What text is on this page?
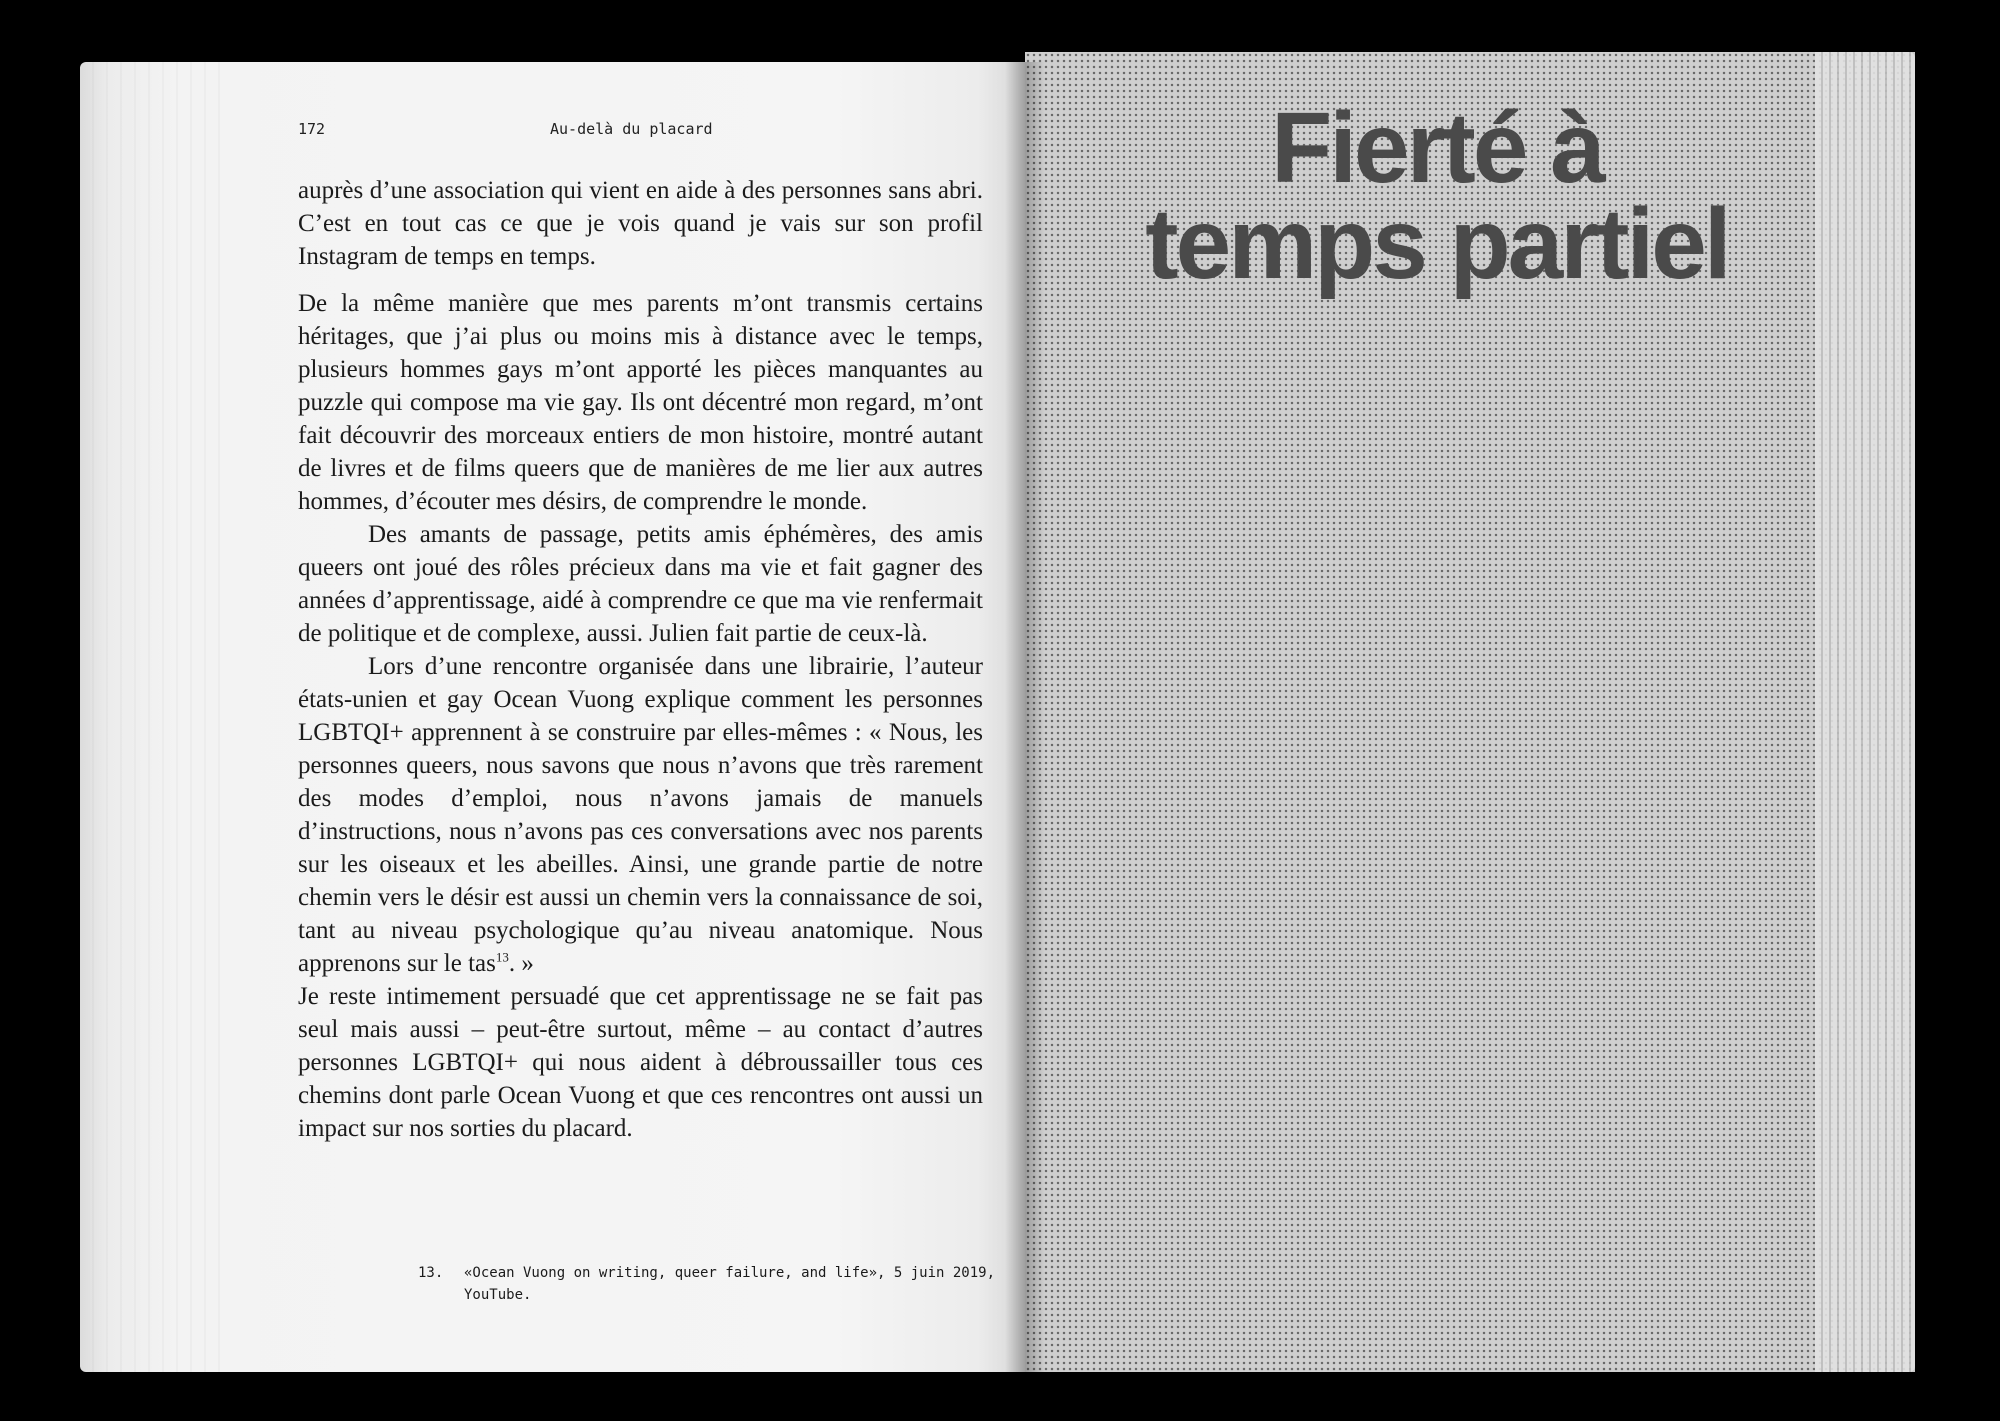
172	Au-delà du placard

auprès d’une association qui vient en aide à des personnes sans abri. C’est en tout cas ce que je vois quand je vais sur son profil Instagram de temps en temps.

De la même manière que mes parents m’ont transmis certains héritages, que j’ai plus ou moins mis à distance avec le temps, plusieurs hommes gays m’ont apporté les pièces manquantes au puzzle qui compose ma vie gay. Ils ont décentré mon regard, m’ont fait découvrir des morceaux entiers de mon histoire, montré autant de livres et de films queers que de manières de me lier aux autres hommes, d’écouter mes désirs, de comprendre le monde.

Des amants de passage, petits amis éphémères, des amis queers ont joué des rôles précieux dans ma vie et fait gagner des années d’apprentissage, aidé à comprendre ce que ma vie renfermait de politique et de complexe, aussi. Julien fait partie de ceux-là.

Lors d’une rencontre organisée dans une librairie, l’auteur états-unien et gay Ocean Vuong explique comment les personnes LGBTQI+ apprennent à se construire par elles-mêmes : « Nous, les personnes queers, nous savons que nous n’avons que très rarement des modes d’emploi, nous n’avons jamais de manuels d’instructions, nous n’avons pas ces conversations avec nos parents sur les oiseaux et les abeilles. Ainsi, une grande partie de notre chemin vers le désir est aussi un chemin vers la connaissance de soi, tant au niveau psychologique qu’au niveau anatomique. Nous apprenons sur le tas$^{13}$. »

Je reste intimement persuadé que cet apprentissage ne se fait pas seul mais aussi – peut-être surtout, même – au contact d’autres personnes LGBTQI+ qui nous aident à débroussailler tous ces chemins dont parle Ocean Vuong et que ces rencontres ont aussi un impact sur nos sorties du placard.

13. «Ocean Vuong on writing, queer failure, and life», 5 juin 2019, YouTube.
Fierté à
temps partiel
